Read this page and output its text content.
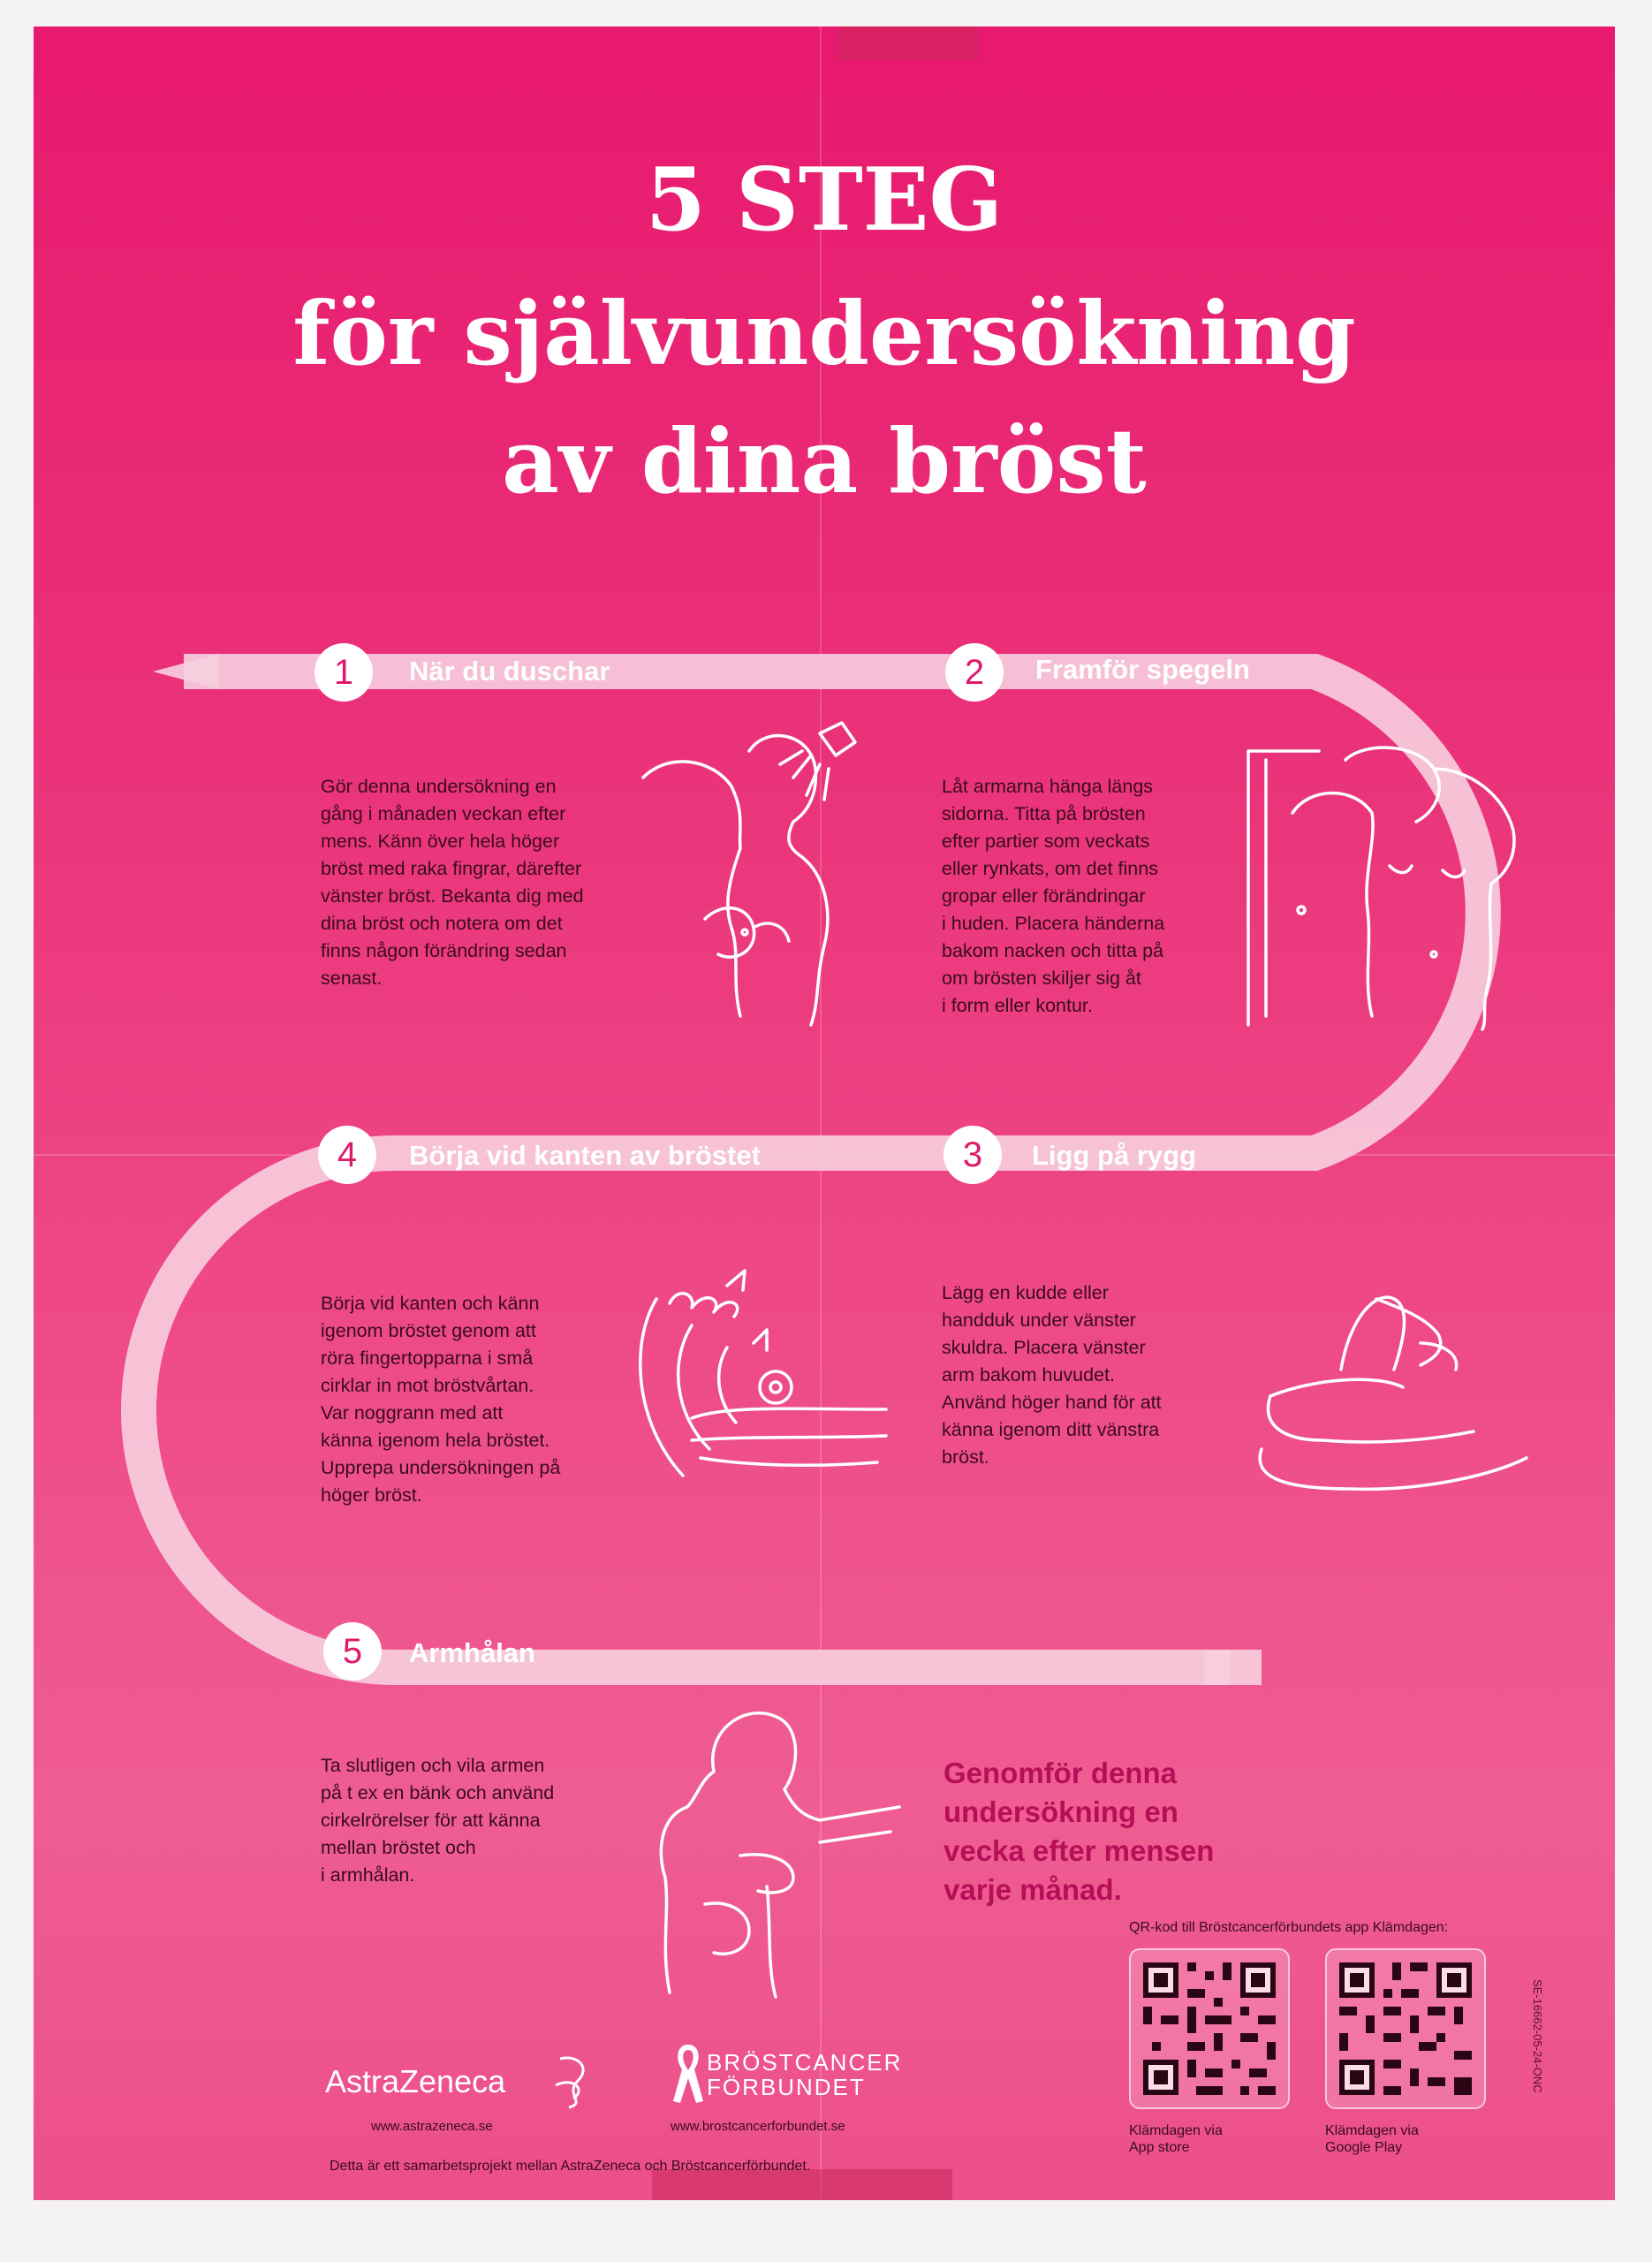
5 STEG
för självundersökning
av dina bröst
1	När du duschar	2	Framför spegeln
3	Ligg på rygg
4	Börja vid kanten av bröstet
5	Armhålan
Gör denna undersökning en
gång i månaden veckan efter
mens. Känn över hela höger
bröst med raka fingrar, därefter
vänster bröst. Bekanta dig med
dina bröst och notera om det
finns någon förändring sedan
senast.
Låt armarna hänga längs
sidorna. Titta på brösten
efter partier som veckats
eller rynkats, om det finns
gropar eller förändringar
i huden. Placera händerna
bakom nacken och titta på
om brösten skiljer sig åt
i form eller kontur.
Lägg en kudde eller
handduk under vänster
skuldra. Placera vänster
arm bakom huvudet.
Använd höger hand för att
känna igenom ditt vänstra
bröst.
Börja vid kanten och känn
igenom bröstet genom att
röra fingertopparna i små
cirklar in mot bröstvårtan.
Var noggrann med att
känna igenom hela bröstet.
Upprepa undersökningen på
höger bröst.
Ta slutligen och vila armen
på t ex en bänk och använd
cirkelrörelser för att känna
mellan bröstet och
i armhålan.
Genomför denna
undersökning en
vecka efter mensen
varje månad.
QR-kod till Bröstcancerförbundets app Klämdagen:
Klämdagen via
App store
Klämdagen via
Google Play
AstraZeneca
www.astrazeneca.se
BRÖSTCANCER
FÖRBUNDET
www.brostcancerforbundet.se
Detta är ett samarbetsprojekt mellan AstraZeneca och Bröstcancerförbundet.
SE-16662-05-24-ONC
